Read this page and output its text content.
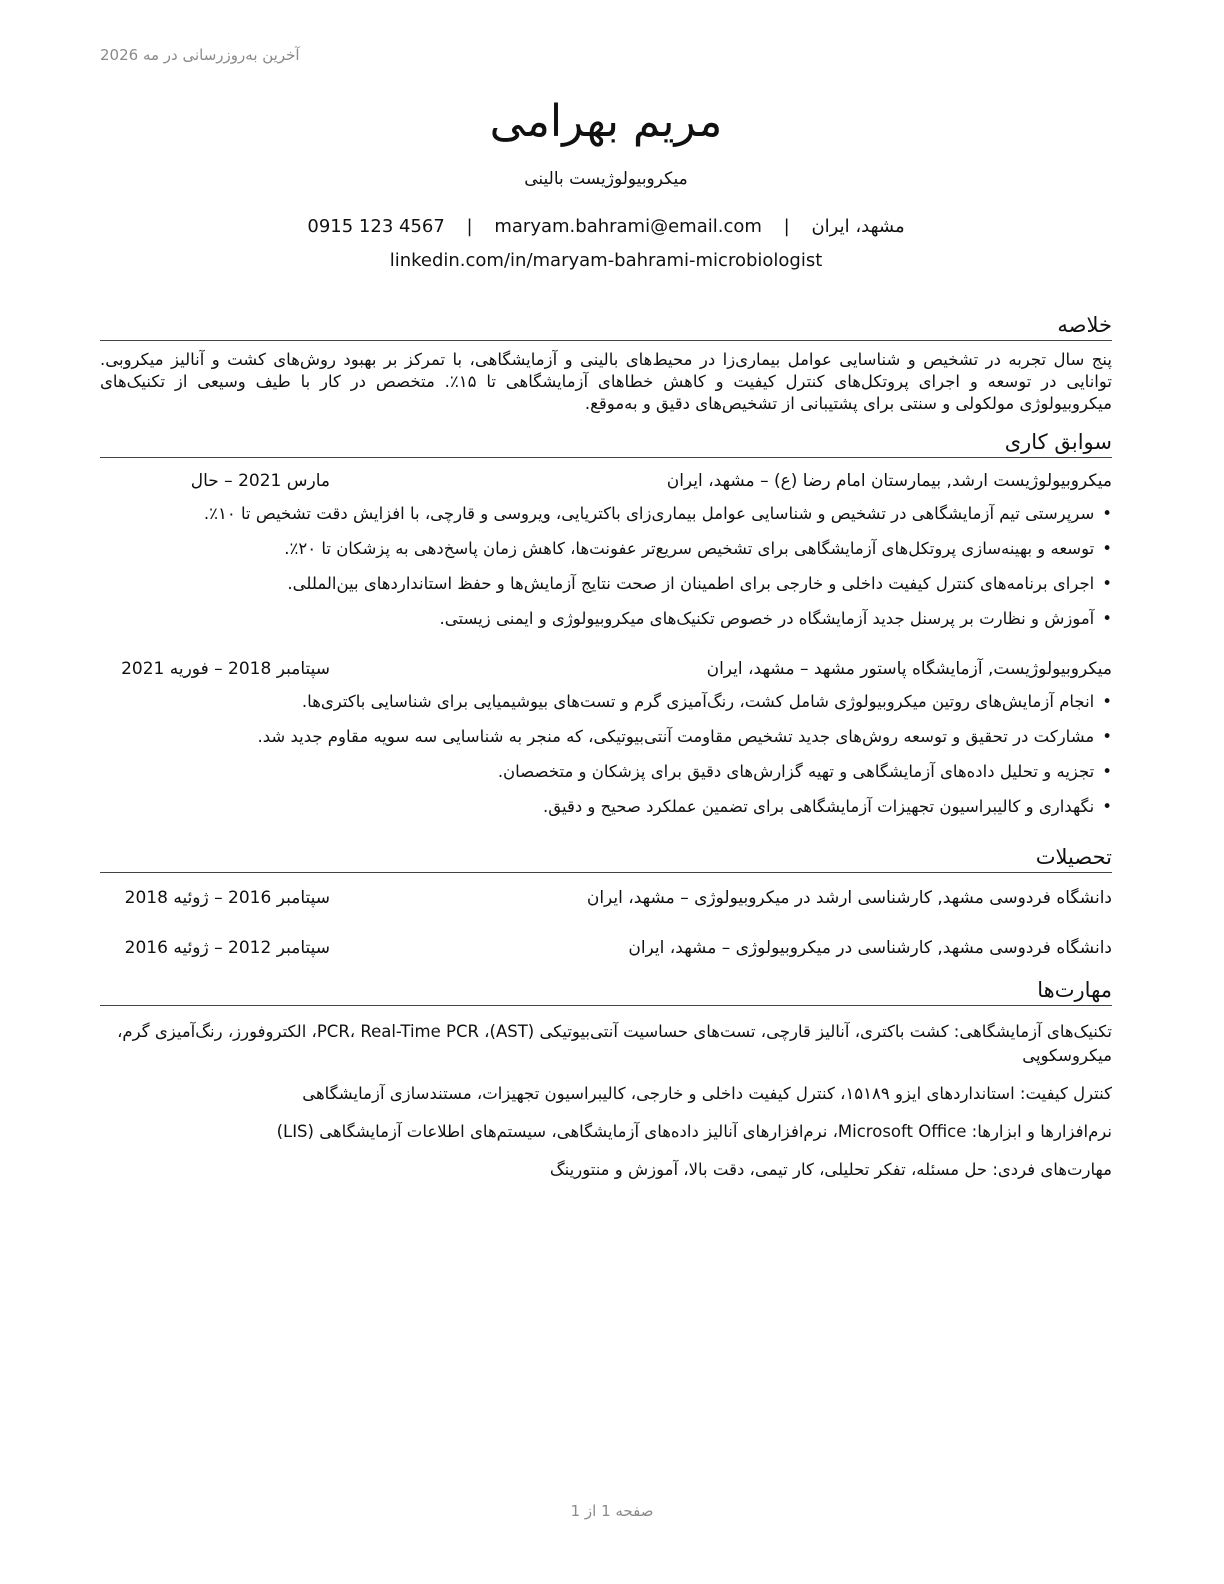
آخرین به‌روزرسانی در مه 2026
مریم بهرامی
میکروبیولوژیست بالینی
مشهد، ایران | maryam.bahrami@email.com | 0915 123 4567
linkedin.com/in/maryam-bahrami-microbiologist
خلاصه

پنج سال تجربه در تشخیص و شناسایی عوامل بیماری‌زا در محیط‌های بالینی و آزمایشگاهی، با تمرکز بر بهبود روش‌های کشت و آنالیز میکروبی. توانایی در توسعه و اجرای پروتکل‌های کنترل کیفیت و کاهش خطاهای آزمایشگاهی تا ۱۵٪. متخصص در کار با طیف وسیعی از تکنیک‌های میکروبیولوژی مولکولی و سنتی برای پشتیبانی از تشخیص‌های دقیق و به‌موقع.

سوابق کاری
میکروبیولوژیست ارشد, بیمارستان امام رضا (ع) – مشهد، ایران
مارس 2021 – حال
•سرپرستی تیم آزمایشگاهی در تشخیص و شناسایی عوامل بیماری‌زای باکتریایی، ویروسی و قارچی، با افزایش دقت تشخیص تا ۱۰٪.
•توسعه و بهینه‌سازی پروتکل‌های آزمایشگاهی برای تشخیص سریع‌تر عفونت‌ها، کاهش زمان پاسخ‌دهی به پزشکان تا ۲۰٪.
•اجرای برنامه‌های کنترل کیفیت داخلی و خارجی برای اطمینان از صحت نتایج آزمایش‌ها و حفظ استانداردهای بین‌المللی.
•آموزش و نظارت بر پرسنل جدید آزمایشگاه در خصوص تکنیک‌های میکروبیولوژی و ایمنی زیستی.
میکروبیولوژیست, آزمایشگاه پاستور مشهد – مشهد، ایران
سپتامبر 2018 – فوریه 2021
•انجام آزمایش‌های روتین میکروبیولوژی شامل کشت، رنگ‌آمیزی گرم و تست‌های بیوشیمیایی برای شناسایی باکتری‌ها.
•مشارکت در تحقیق و توسعه روش‌های جدید تشخیص مقاومت آنتی‌بیوتیکی، که منجر به شناسایی سه سویه مقاوم جدید شد.
•تجزیه و تحلیل داده‌های آزمایشگاهی و تهیه گزارش‌های دقیق برای پزشکان و متخصصان.
•نگهداری و کالیبراسیون تجهیزات آزمایشگاهی برای تضمین عملکرد صحیح و دقیق.
تحصیلات
دانشگاه فردوسی مشهد, کارشناسی ارشد در میکروبیولوژی – مشهد، ایران
سپتامبر 2016 – ژوئیه 2018
دانشگاه فردوسی مشهد, کارشناسی در میکروبیولوژی – مشهد، ایران
سپتامبر 2012 – ژوئیه 2016
مهارت‌ها

تکنیک‌های آزمایشگاهی: کشت باکتری، آنالیز قارچی، تست‌های حساسیت آنتی‌بیوتیکی (AST)، PCR، Real-Time PCR، الکتروفورز، رنگ‌آمیزی گرم، میکروسکوپی

کنترل کیفیت: استانداردهای ایزو ۱۵۱۸۹، کنترل کیفیت داخلی و خارجی، کالیبراسیون تجهیزات، مستندسازی آزمایشگاهی

نرم‌افزارها و ابزارها: Microsoft Office، نرم‌افزارهای آنالیز داده‌های آزمایشگاهی، سیستم‌های اطلاعات آزمایشگاهی (LIS)

مهارت‌های فردی: حل مسئله، تفکر تحلیلی، کار تیمی، دقت بالا، آموزش و منتورینگ

صفحه 1 از 1
